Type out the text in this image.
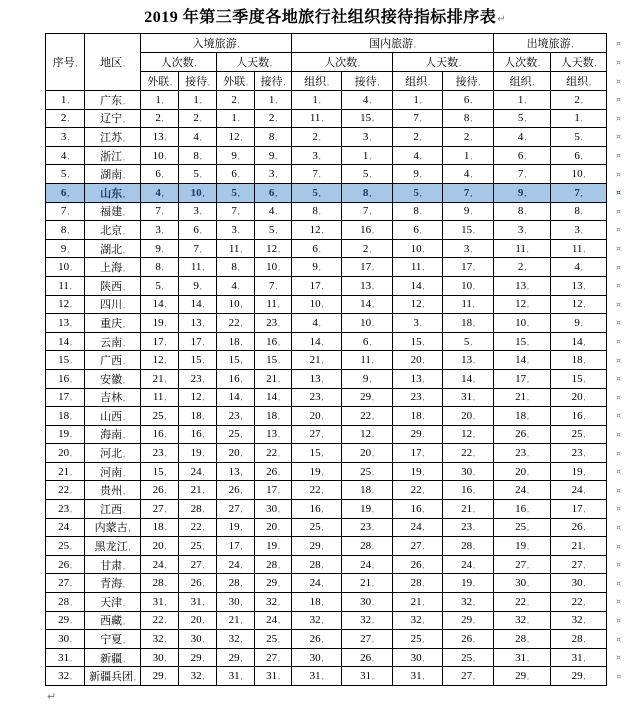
2019 年第三季度各地旅行社组织接待指标排序表↵
序号,	地区,	入境旅游,				国内旅游,				出境旅游,		¤
		人次数,		人天数,		人次数,		人天数,		人次数,	人天数,	¤
		外联,	接待,	外联,	接待,	组织,	接待,	组织,	接待,	组织,	组织,	¤
1,	广东,	1,	1,	2,	1,	1,	4,	1,	6,	1,	2,	¤
2,	辽宁,	2,	2,	1,	2,	11,	15,	7,	8,	5,	1,	¤
3,	江苏,	13,	4,	12,	8,	2,	3,	2,	2,	4,	5,	¤
4,	浙江,	10,	8,	9,	9,	3,	1,	4,	1,	6,	6,	¤
5,	湖南,	6,	5,	6,	3,	7,	5,	9,	4,	7,	10,	¤
6,	山东,	4,	10,	5,	6,	5,	8,	5,	7,	9,	7,	¤
7,	福建,	7,	3,	7,	4,	8,	7,	8,	9,	8,	8,	¤
8,	北京,	3,	6,	3,	5,	12,	16,	6,	15,	3,	3,	¤
9,	湖北,	9,	7,	11,	12,	6,	2,	10,	3,	11,	11,	¤
10,	上海,	8,	11,	8,	10,	9,	17,	11,	17,	2,	4,	¤
11,	陕西,	5,	9,	4,	7,	17,	13,	14,	10,	13,	13,	¤
12,	四川,	14,	14,	10,	11,	10,	14,	12,	11,	12,	12,	¤
13,	重庆,	19,	13,	22,	23,	4,	10,	3,	18,	10,	9,	¤
14,	云南,	17,	17,	18,	16,	14,	6,	15,	5,	15,	14,	¤
15,	广西,	12,	15,	15,	15,	21,	11,	20,	13,	14,	18,	¤
16,	安徽,	21,	23,	16,	21,	13,	9,	13,	14,	17,	15,	¤
17,	吉林,	11,	12,	14,	14,	23,	29,	23,	31,	21,	20,	¤
18,	山西,	25,	18,	23,	18,	20,	22,	18,	20,	18,	16,	¤
19,	海南,	16,	16,	25,	13,	27,	12,	29,	12,	26,	25,	¤
20,	河北,	23,	19,	20,	22,	15,	20,	17,	22,	23,	23,	¤
21,	河南,	15,	24,	13,	26,	19,	25,	19,	30,	20,	19,	¤
22,	贵州,	26,	21,	26,	17,	22,	18,	22,	16,	24,	24,	¤
23,	江西,	27,	28,	27,	30,	16,	19,	16,	21,	16,	17,	¤
24,	内蒙古,	18,	22,	19,	20,	25,	23,	24,	23,	25,	26,	¤
25,	黑龙江,	20,	25,	17,	19,	29,	28,	27,	28,	19,	21,	¤
26,	甘肃,	24,	27,	24,	28,	28,	24,	26,	24,	27,	27,	¤
27,	青海,	28,	26,	28,	29,	24,	21,	28,	19,	30,	30,	¤
28,	天津,	31,	31,	30,	32,	18,	30,	21,	32,	22,	22,	¤
29,	西藏,	22,	20,	21,	24,	32,	32,	32,	29,	32,	32,	¤
30,	宁夏,	32,	30,	32,	25,	26,	27,	25,	26,	28,	28,	¤
31,	新疆,	30,	29,	29,	27,	30,	26,	30,	25,	31,	31,	¤
32,	新疆兵团,	29,	32,	31,	31,	31,	31,	31,	27,	29,	29,	¤
↵
